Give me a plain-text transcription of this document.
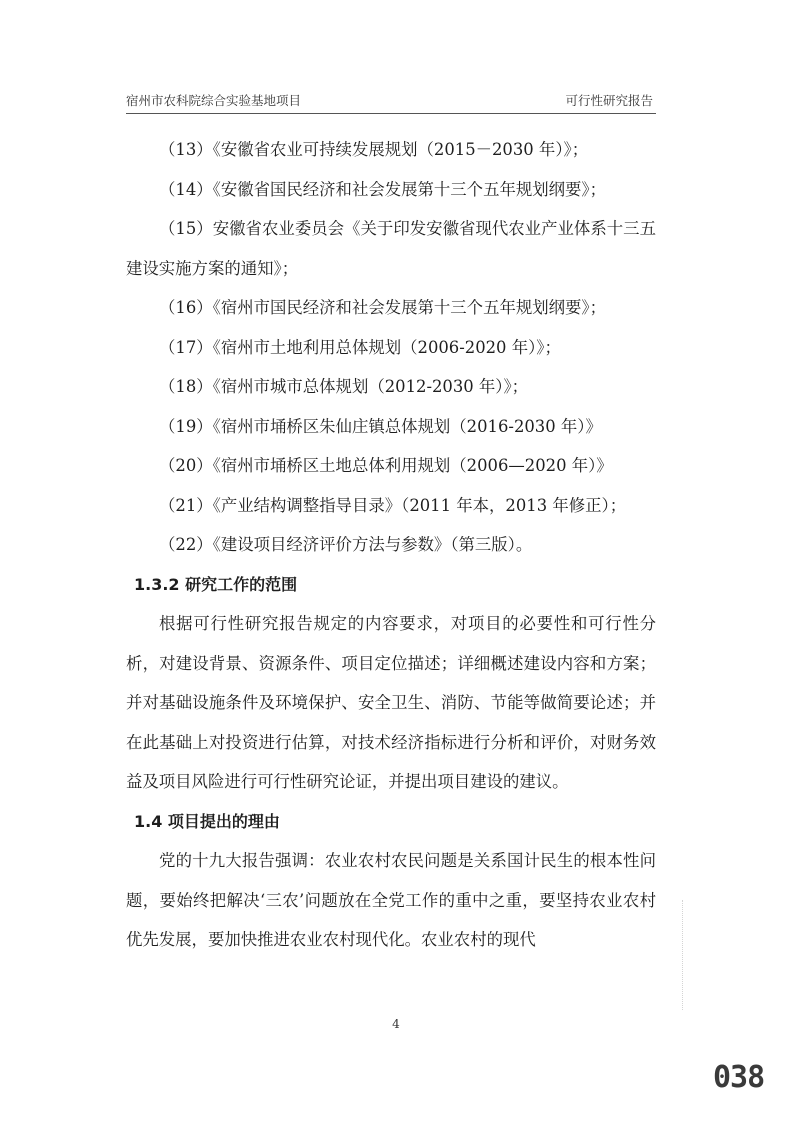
宿州市农科院综合实验基地项目	可行性研究报告

（13）《安徽省农业可持续发展规划（2015－2030 年）》；

（14）《安徽省国民经济和社会发展第十三个五年规划纲要》；

（15）安徽省农业委员会《关于印发安徽省现代农业产业体系十三五建设实施方案的通知》；

（16）《宿州市国民经济和社会发展第十三个五年规划纲要》；

（17）《宿州市土地利用总体规划（2006-2020 年）》；

（18）《宿州市城市总体规划（2012-2030 年）》；

（19）《宿州市埇桥区朱仙庄镇总体规划（2016-2030 年）》

（20）《宿州市埇桥区土地总体利用规划（2006—2020 年）》

（21）《产业结构调整指导目录》（2011 年本，2013 年修正）；

（22）《建设项目经济评价方法与参数》（第三版）。

1.3.2 研究工作的范围

根据可行性研究报告规定的内容要求，对项目的必要性和可行性分析，对建设背景、资源条件、项目定位描述；详细概述建设内容和方案；并对基础设施条件及环境保护、安全卫生、消防、节能等做简要论述；并在此基础上对投资进行估算，对技术经济指标进行分析和评价，对财务效益及项目风险进行可行性研究论证，并提出项目建设的建议。

1.4 项目提出的理由

党的十九大报告强调：农业农村农民问题是关系国计民生的根本性问题，要始终把解决‘三农’问题放在全党工作的重中之重，要坚持农业农村优先发展，要加快推进农业农村现代化。农业农村的现代

4
038
